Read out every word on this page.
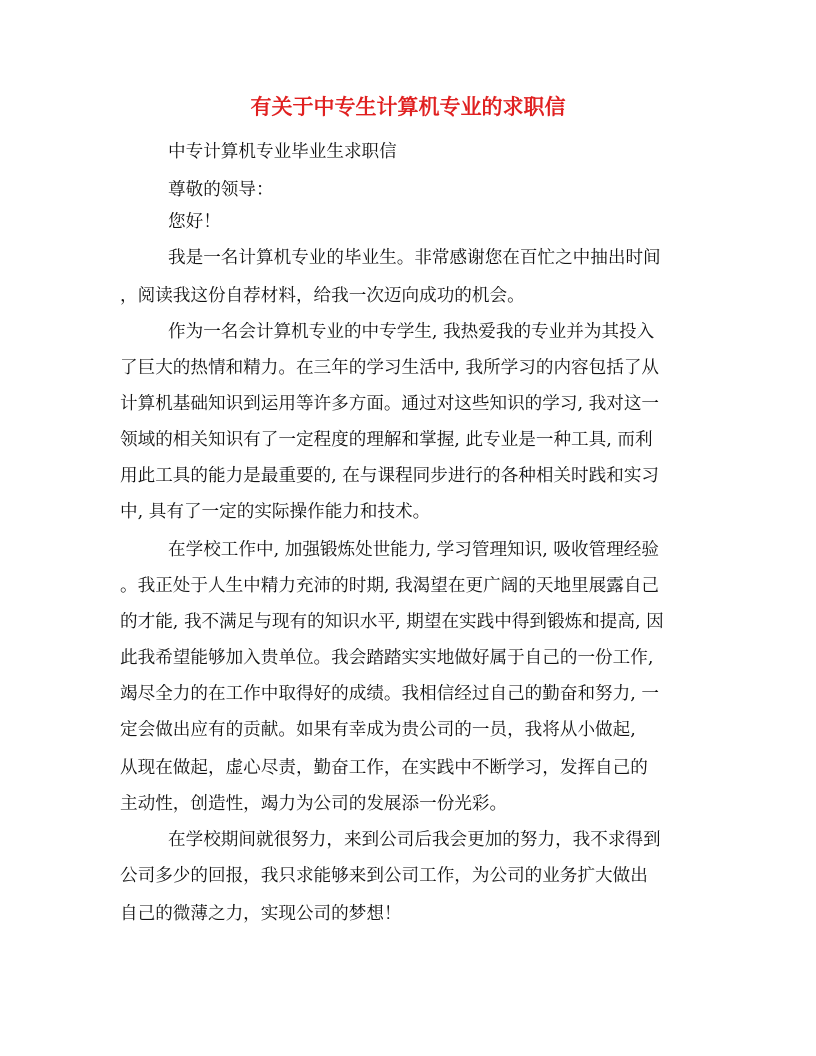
有关于中专生计算机专业的求职信
中专计算机专业毕业生求职信
尊敬的领导：
您好！
我是一名计算机专业的毕业生。非常感谢您在百忙之中抽出时间
，阅读我这份自荐材料，给我一次迈向成功的机会。
作为一名会计算机专业的中专学生, 我热爱我的专业并为其投入
了巨大的热情和精力。在三年的学习生活中, 我所学习的内容包括了从
计算机基础知识到运用等许多方面。通过对这些知识的学习, 我对这一
领域的相关知识有了一定程度的理解和掌握, 此专业是一种工具, 而利
用此工具的能力是最重要的, 在与课程同步进行的各种相关时践和实习
中, 具有了一定的实际操作能力和技术。
在学校工作中, 加强锻炼处世能力, 学习管理知识, 吸收管理经验
。我正处于人生中精力充沛的时期, 我渴望在更广阔的天地里展露自己
的才能, 我不满足与现有的知识水平, 期望在实践中得到锻炼和提高, 因
此我希望能够加入贵单位。我会踏踏实实地做好属于自己的一份工作,
竭尽全力的在工作中取得好的成绩。我相信经过自己的勤奋和努力, 一
定会做出应有的贡献。如果有幸成为贵公司的一员，我将从小做起,
从现在做起，虚心尽责，勤奋工作，在实践中不断学习，发挥自己的
主动性，创造性，竭力为公司的发展添一份光彩。
在学校期间就很努力，来到公司后我会更加的努力，我不求得到
公司多少的回报，我只求能够来到公司工作，为公司的业务扩大做出
自己的微薄之力，实现公司的梦想！
